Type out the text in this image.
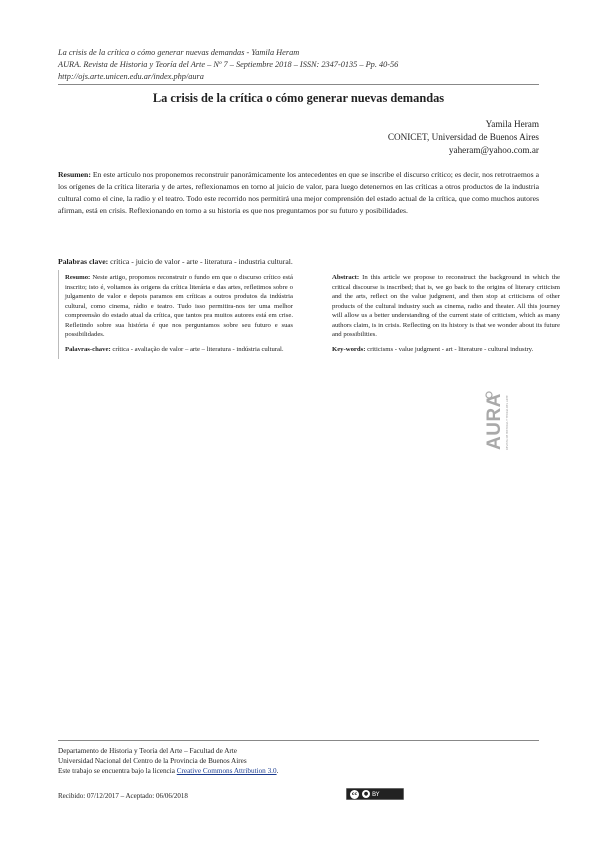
La crisis de la crítica o cómo generar nuevas demandas - Yamila Heram
AURA. Revista de Historia y Teoría del Arte – Nº 7 – Septiembre 2018 – ISSN: 2347-0135 – Pp. 40-56
http://ojs.arte.unicen.edu.ar/index.php/aura
La crisis de la crítica o cómo generar nuevas demandas
Yamila Heram
CONICET, Universidad de Buenos Aires
yaheram@yahoo.com.ar
Resumen: En este artículo nos proponemos reconstruir panorámicamente los antecedentes en que se inscribe el discurso crítico; es decir, nos retrotraemos a los orígenes de la crítica literaria y de artes, reflexionamos en torno al juicio de valor, para luego detenernos en las críticas a otros productos de la industria cultural como el cine, la radio y el teatro. Todo este recorrido nos permitirá una mejor comprensión del estado actual de la crítica, que como muchos autores afirman, está en crisis. Reflexionando en torno a su historia es que nos preguntamos por su futuro y posibilidades.
Palabras clave: crítica - juicio de valor - arte - literatura - industria cultural.

Resumo: Neste artigo, propomos reconstruir o fundo em que o discurso crítico está inscrito; isto é, voltamos às origens da crítica literária e das artes, refletimos sobre o julgamento de valor e depois paramos em críticas a outros produtos da indústria cultural, como cinema, rádio e teatro. Tudo isso permitira-nos ter uma melhor compreensão do estado atual da crítica, que tantos pra muitos autores está em crise. Refletindo sobre sua história é que nos perguntamos sobre seu futuro e suas possibilidades.

Palavras-chave: crítica - avaliação de valor – arte – literatura - indústria cultural.

Abstract: In this article we propose to reconstruct the background in which the critical discourse is inscribed; that is, we go back to the origins of literary criticism and the arts, reflect on the value judgment, and then stop at criticisms of other products of the cultural industry such as cinema, radio and theater. All this journey will allow us a better understanding of the current state of criticism, which as many authors claim, is in crisis. Reflecting on its history is that we wonder about its future and possibilities.

Key-words: criticisms - value judgment - art - literature - cultural industry.

AURA REVISTA DE HISTORIA Y TEORÍA DEL ARTE
Departamento de Historia y Teoría del Arte – Facultad de Arte
Universidad Nacional del Centro de la Provincia de Buenos Aires
Este trabajo se encuentra bajo la licencia Creative Commons Attribution 3.0.
Recibido: 07/12/2017 – Aceptado: 06/06/2018	cc	● BY
